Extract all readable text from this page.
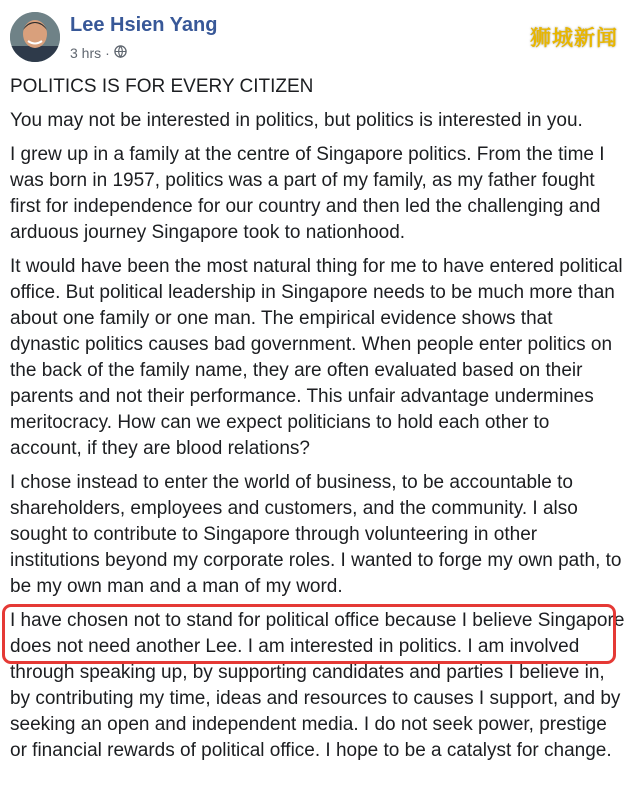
Lee Hsien Yang
3 hrs ·
狮城新闻

POLITICS IS FOR EVERY CITIZEN

You may not be interested in politics, but politics is interested in you.

I grew up in a family at the centre of Singapore politics. From the time I was born in 1957, politics was a part of my family, as my father fought first for independence for our country and then led the challenging and arduous journey Singapore took to nationhood.

It would have been the most natural thing for me to have entered political office. But political leadership in Singapore needs to be much more than about one family or one man. The empirical evidence shows that dynastic politics causes bad government. When people enter politics on the back of the family name, they are often evaluated based on their parents and not their performance. This unfair advantage undermines meritocracy. How can we expect politicians to hold each other to account, if they are blood relations?

I chose instead to enter the world of business, to be accountable to shareholders, employees and customers, and the community. I also sought to contribute to Singapore through volunteering in other institutions beyond my corporate roles. I wanted to forge my own path, to be my own man and a man of my word.

I have chosen not to stand for political office because I believe Singapore does not need another Lee. I am interested in politics. I am involved through speaking up, by supporting candidates and parties I believe in, by contributing my time, ideas and resources to causes I support, and by seeking an open and independent media. I do not seek power, prestige or financial rewards of political office. I hope to be a catalyst for change.
